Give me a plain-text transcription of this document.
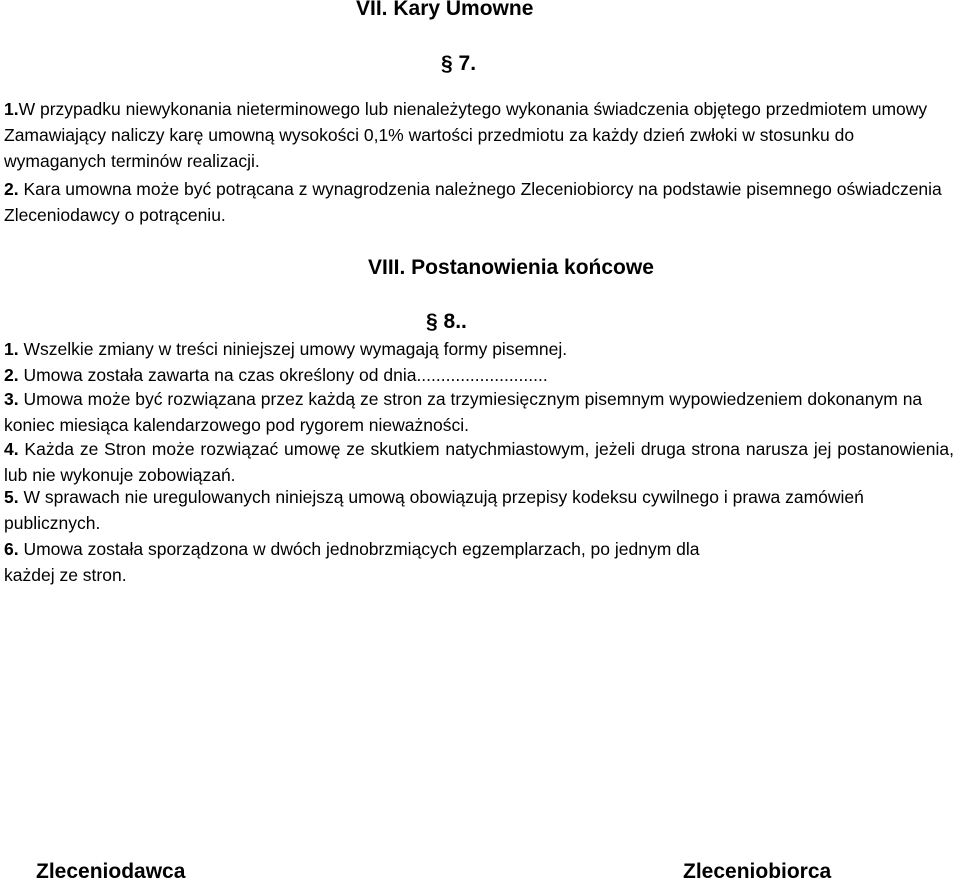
VII. Kary Umowne
§ 7.
1.W przypadku niewykonania nieterminowego lub nienależytego wykonania świadczenia objętego przedmiotem umowy Zamawiający naliczy karę umowną wysokości 0,1% wartości przedmiotu za każdy dzień zwłoki w stosunku do wymaganych terminów realizacji.
2. Kara umowna może być potrącana z wynagrodzenia należnego Zleceniobiorcy na podstawie pisemnego oświadczenia Zleceniodawcy o potrąceniu.
VIII. Postanowienia końcowe
§ 8..
1. Wszelkie zmiany w treści niniejszej umowy wymagają formy pisemnej.
2. Umowa została zawarta na czas określony od dnia...........................
3. Umowa może być rozwiązana przez każdą ze stron za trzymiesięcznym pisemnym wypowiedzeniem dokonanym na koniec miesiąca kalendarzowego pod rygorem nieważności.
4. Każda ze Stron może rozwiązać umowę ze skutkiem natychmiastowym, jeżeli druga strona narusza jej postanowienia, lub nie wykonuje zobowiązań.
5. W sprawach nie uregulowanych niniejszą umową obowiązują przepisy kodeksu cywilnego i prawa zamówień publicznych.
6. Umowa została sporządzona w dwóch jednobrzmiących egzemplarzach, po jednym dla każdej ze stron.
Zleceniodawca	Zleceniobiorca
